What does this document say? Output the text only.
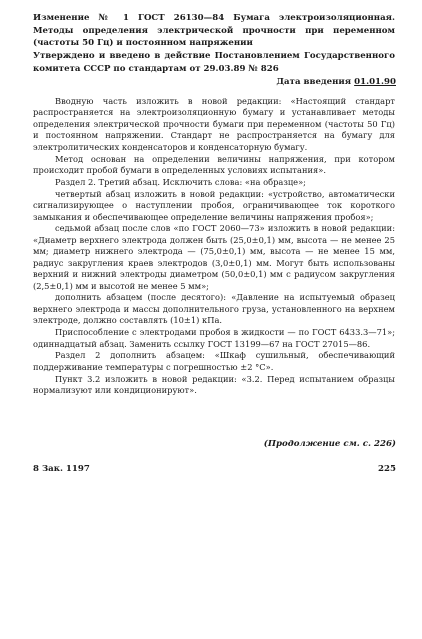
Изменение № 1 ГОСТ 26130—84 Бумага электроизоляционная. Методы определения электрической прочности при переменном (частоты 50 Гц) и постоянном напряжении
Утверждено и введено в действие Постановлением Государственного комитета СССР по стандартам от 29.03.89 № 826
Дата введения 01.01.90

Вводную часть изложить в новой редакции: «Настоящий стандарт распространяется на электроизоляционную бумагу и устанавливает методы определения электрической прочности бумаги при переменном (частоты 50 Гц) и постоянном напряжении. Стандарт не распространяется на бумагу для электролитических конденсаторов и конденсаторную бумагу.

Метод основан на определении величины напряжения, при котором происходит пробой бумаги в определенных условиях испытания».

Раздел 2. Третий абзац. Исключить слова: «на образце»;

четвертый абзац изложить в новой редакции: «устройство, автоматически сигнализирующее о наступлении пробоя, ограничивающее ток короткого замыкания и обеспечивающее определение величины напряжения пробоя»;

седьмой абзац после слов «по ГОСТ 2060—73» изложить в новой редакции: «Диаметр верхнего электрода должен быть (25,0±0,1) мм, высота — не менее 25 мм; диаметр нижнего электрода — (75,0±0,1) мм, высота — не менее 15 мм, радиус закругления краев электродов (3,0±0,1) мм. Могут быть использованы верхний и нижний электроды диаметром (50,0±0,1) мм с радиусом закругления (2,5±0,1) мм и высотой не менее 5 мм»;

дополнить абзацем (после десятого): «Давление на испытуемый образец верхнего электрода и массы дополнительного груза, установленного на верхнем электроде, должно составлять (10±1) кПа.

Приспособление с электродами пробоя в жидкости — по ГОСТ 6433.3—71»; одиннадцатый абзац. Заменить ссылку ГОСТ 13199—67 на ГОСТ 27015—86.

Раздел 2 дополнить абзацем: «Шкаф сушильный, обеспечивающий поддерживание температуры с погрешностью ±2 °С».

Пункт 3.2 изложить в новой редакции: «3.2. Перед испытанием образцы нормализуют или кондиционируют».

(Продолжение см. с. 226)
8 Зак. 1197	225
